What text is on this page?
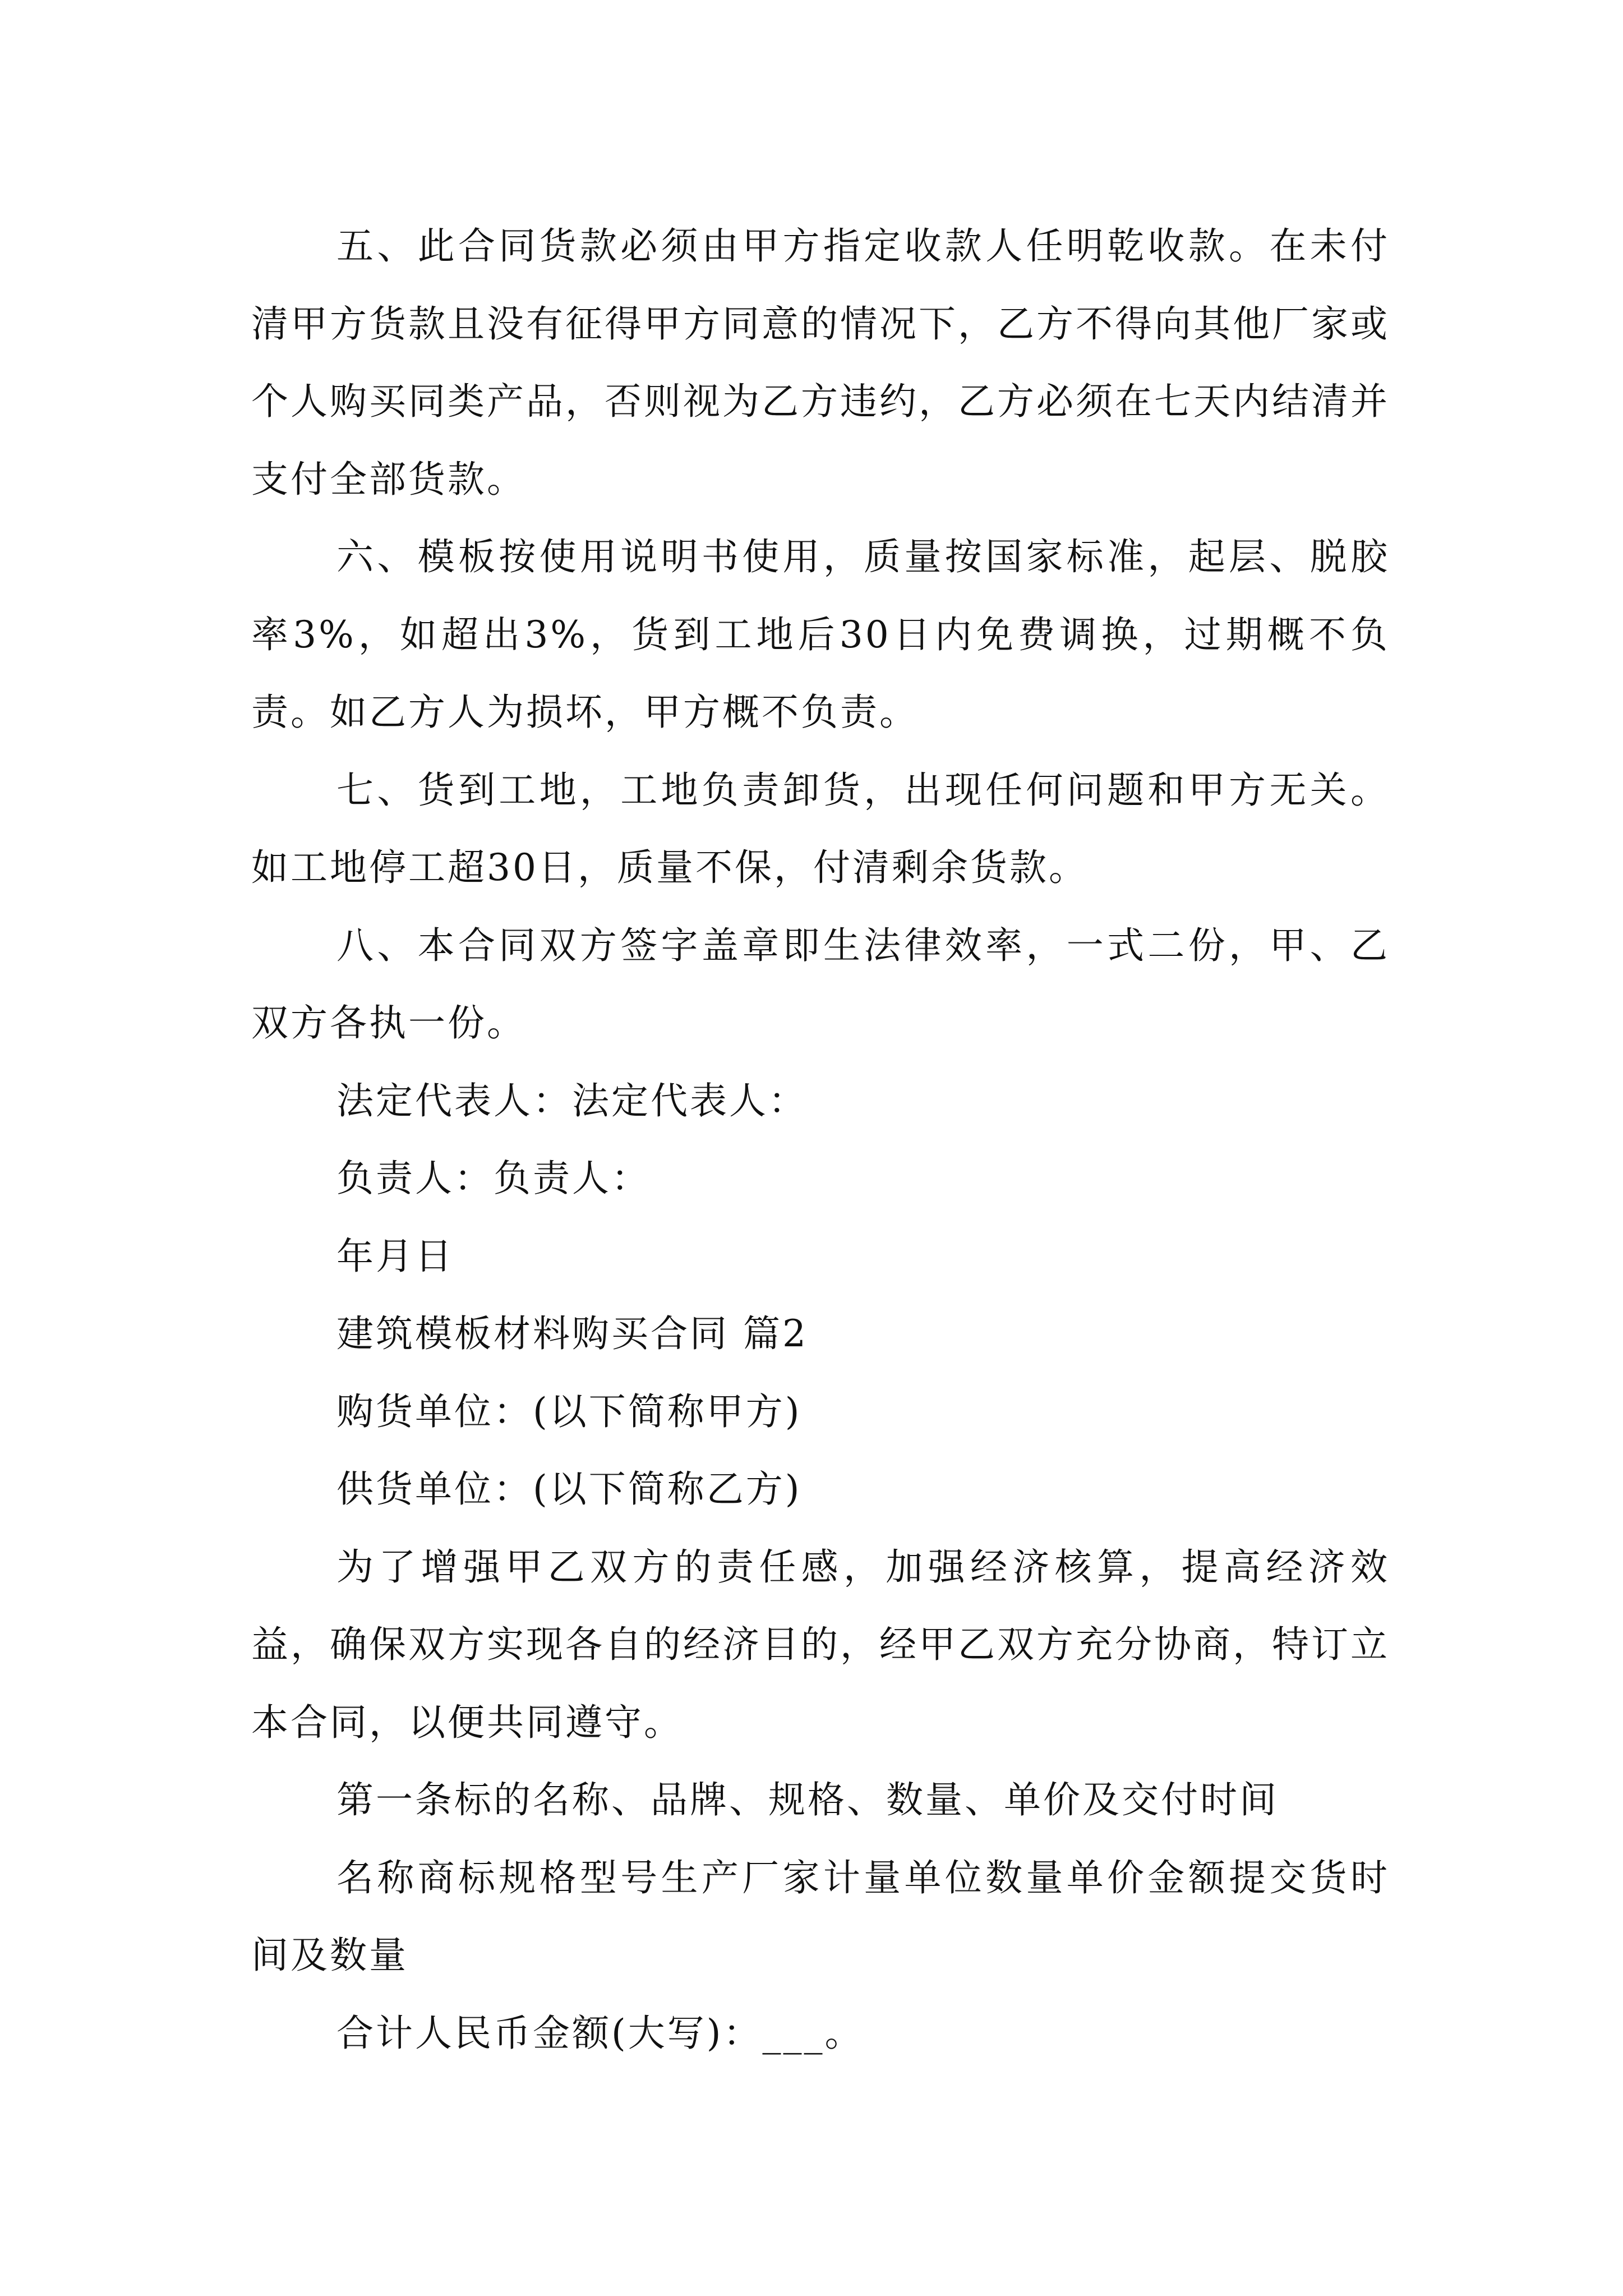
五、此合同货款必须由甲方指定收款人任明乾收款。在未付清甲方货款且没有征得甲方同意的情况下，乙方不得向其他厂家或个人购买同类产品，否则视为乙方违约，乙方必须在七天内结清并支付全部货款。

六、模板按使用说明书使用，质量按国家标准，起层、脱胶率3%，如超出3%，货到工地后30日内免费调换，过期概不负责。如乙方人为损坏，甲方概不负责。

七、货到工地，工地负责卸货，出现任何问题和甲方无关。如工地停工超30日，质量不保，付清剩余货款。

八、本合同双方签字盖章即生法律效率，一式二份，甲、乙双方各执一份。

法定代表人：法定代表人：

负责人：负责人：

年月日

建筑模板材料购买合同 篇2

购货单位：(以下简称甲方)

供货单位：(以下简称乙方)

为了增强甲乙双方的责任感，加强经济核算，提高经济效益，确保双方实现各自的经济目的，经甲乙双方充分协商，特订立本合同，以便共同遵守。

第一条标的名称、品牌、规格、数量、单价及交付时间

名称商标规格型号生产厂家计量单位数量单价金额提交货时间及数量

合计人民币金额(大写)：___。
